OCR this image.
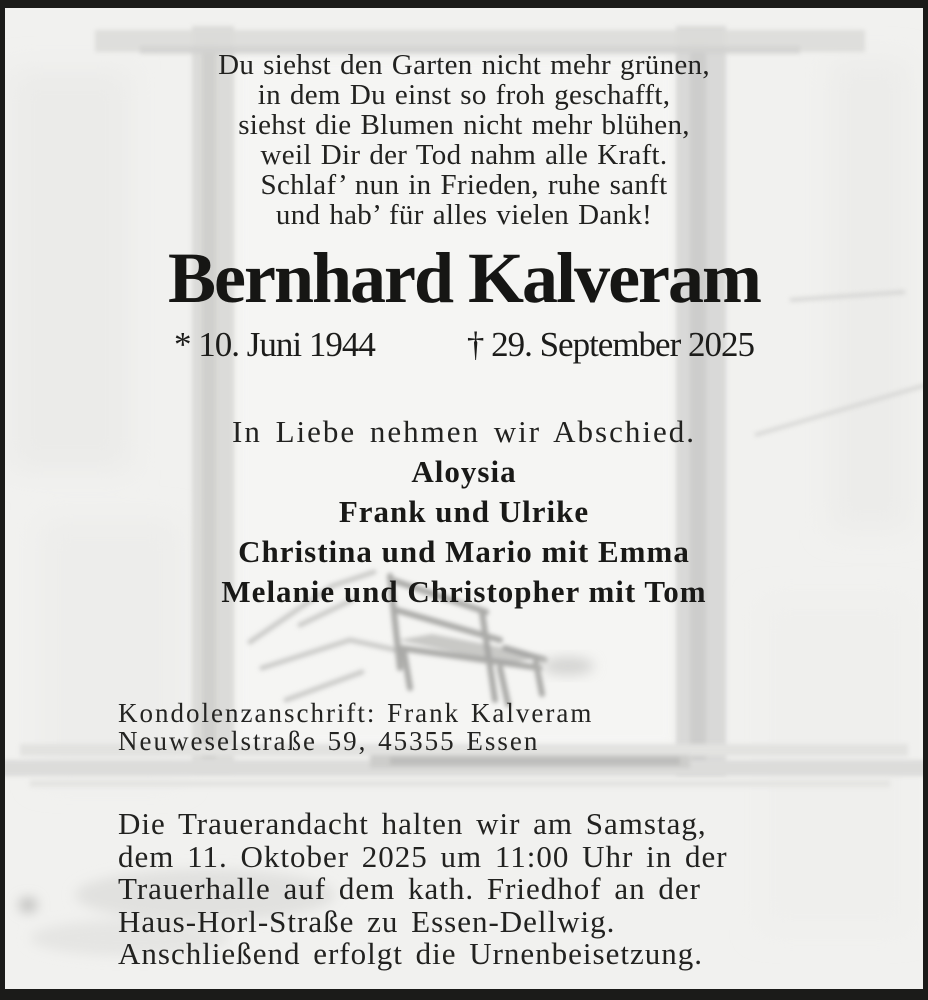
Du siehst den Garten nicht mehr grünen,
in dem Du einst so froh geschafft,
siehst die Blumen nicht mehr blühen,
weil Dir der Tod nahm alle Kraft.
Schlaf’ nun in Frieden, ruhe sanft
und hab’ für alles vielen Dank!
Bernhard Kalveram
* 10. Juni 1944	† 29. September 2025
In Liebe nehmen wir Abschied.
Aloysia
Frank und Ulrike
Christina und Mario mit Emma
Melanie und Christopher mit Tom
Kondolenzanschrift: Frank Kalveram
Neuweselstraße 59, 45355 Essen
Die Trauerandacht halten wir am Samstag,
dem 11. Oktober 2025 um 11:00 Uhr in der
Trauerhalle auf dem kath. Friedhof an der
Haus-Horl-Straße zu Essen-Dellwig.
Anschließend erfolgt die Urnenbeisetzung.
